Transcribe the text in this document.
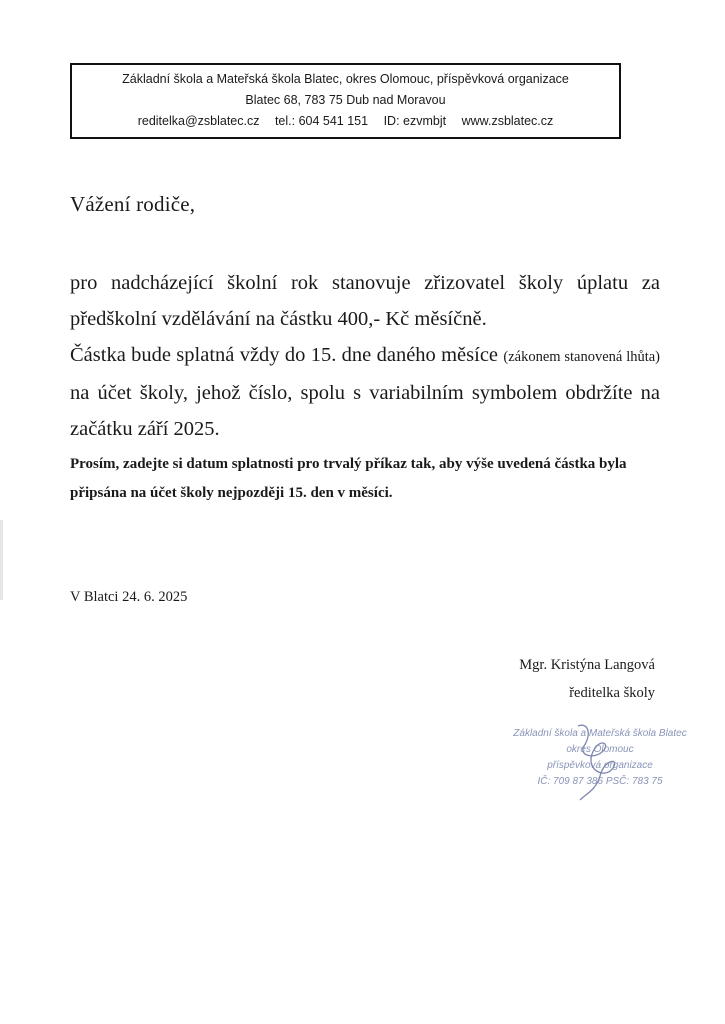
Základní škola a Mateřská škola Blatec, okres Olomouc, příspěvková organizace
Blatec 68, 783 75 Dub nad Moravou
reditelka@zsblatec.cz tel.: 604 541 151 ID: ezvmbjt www.zsblatec.cz
Vážení rodiče,

pro nadcházející školní rok stanovuje zřizovatel školy úplatu za předškolní vzdělávání na částku 400,- Kč měsíčně.

Částka bude splatná vždy do 15. dne daného měsíce (zákonem stanovená lhůta) na účet školy, jehož číslo, spolu s variabilním symbolem obdržíte na začátku září 2025.

Prosím, zadejte si datum splatnosti pro trvalý příkaz tak, aby výše uvedená částka byla připsána na účet školy nejpozději 15. den v měsíci.
V Blatci 24. 6. 2025
Mgr. Kristýna Langová
ředitelka školy
Základní škola a Mateřská škola Blatec
okres Olomouc
příspěvková organizace
IČ: 709 87 386 PSČ: 783 75
